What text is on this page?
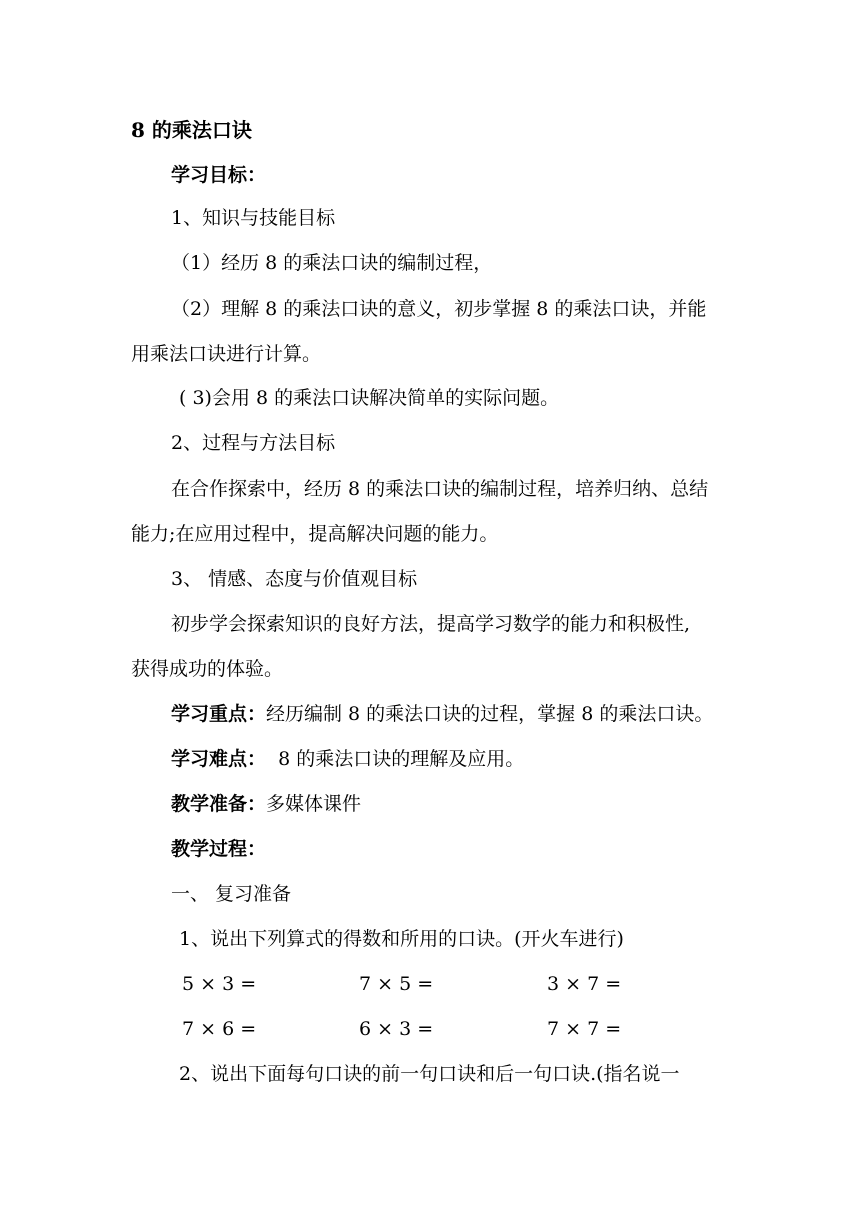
8 的乘法口诀
学习目标：
1、知识与技能目标
（1）经历 8 的乘法口诀的编制过程，
（2）理解 8 的乘法口诀的意义，初步掌握 8 的乘法口诀，并能
用乘法口诀进行计算。
( 3)会用 8 的乘法口诀解决简单的实际问题。
2、过程与方法目标
在合作探索中，经历 8 的乘法口诀的编制过程，培养归纳、总结
能力;在应用过程中，提高解决问题的能力。
3、 情感、态度与价值观目标
初步学会探索知识的良好方法，提高学习数学的能力和积极性,
获得成功的体验。
学习重点：经历编制 8 的乘法口诀的过程，掌握 8 的乘法口诀。
学习难点：  8 的乘法口诀的理解及应用。
教学准备：多媒体课件
教学过程：
一、 复习准备
1、说出下列算式的得数和所用的口诀。(开火车进行)
5 × 3 =	7 × 5 =	3 × 7 =
7 × 6 =	6 × 3 =	7 × 7 =
2、说出下面每句口诀的前一句口诀和后一句口诀.(指名说一
